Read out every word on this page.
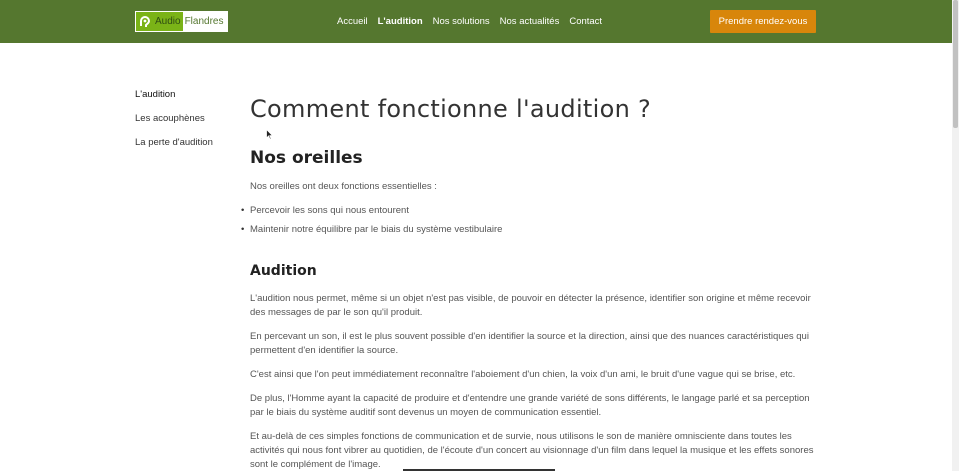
Audio Flandres	Accueil L'audition Nos solutions Nos actualités Contact	Prendre rendez-vous
L'audition
Les acouphènes
La perte d'audition
Comment fonctionne l'audition ?
Nos oreilles

Nos oreilles ont deux fonctions essentielles :

• Percevoir les sons qui nous entourent
• Maintenir notre équilibre par le biais du système vestibulaire
Audition

L'audition nous permet, même si un objet n'est pas visible, de pouvoir en détecter la présence, identifier son origine et même recevoir des messages de par le son qu'il produit.

En percevant un son, il est le plus souvent possible d'en identifier la source et la direction, ainsi que des nuances caractéristiques qui permettent d'en identifier la source.

C'est ainsi que l'on peut immédiatement reconnaître l'aboiement d'un chien, la voix d'un ami, le bruit d'une vague qui se brise, etc.

De plus, l'Homme ayant la capacité de produire et d'entendre une grande variété de sons différents, le langage parlé et sa perception par le biais du système auditif sont devenus un moyen de communication essentiel.

Et au-delà de ces simples fonctions de communication et de survie, nous utilisons le son de manière omnisciente dans toutes les activités qui nous font vibrer au quotidien, de l'écoute d'un concert au visionnage d'un film dans lequel la musique et les effets sonores sont le complément de l'image.
